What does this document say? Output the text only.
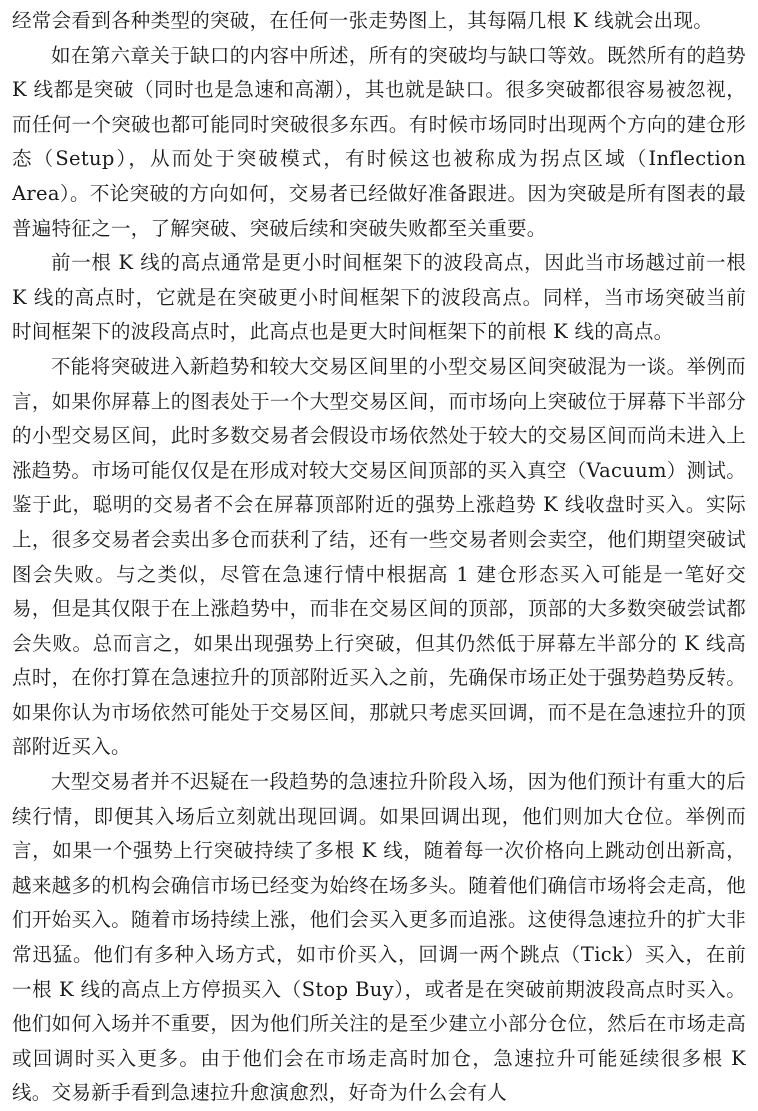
经常会看到各种类型的突破，在任何一张走势图上，其每隔几根 K 线就会出现。

如在第六章关于缺口的内容中所述，所有的突破均与缺口等效。既然所有的趋势 K 线都是突破（同时也是急速和高潮），其也就是缺口。很多突破都很容易被忽视，而任何一个突破也都可能同时突破很多东西。有时候市场同时出现两个方向的建仓形态（Setup），从而处于突破模式，有时候这也被称成为拐点区域（Inflection Area）。不论突破的方向如何，交易者已经做好准备跟进。因为突破是所有图表的最普遍特征之一，了解突破、突破后续和突破失败都至关重要。

前一根 K 线的高点通常是更小时间框架下的波段高点，因此当市场越过前一根 K 线的高点时，它就是在突破更小时间框架下的波段高点。同样，当市场突破当前时间框架下的波段高点时，此高点也是更大时间框架下的前根 K 线的高点。

不能将突破进入新趋势和较大交易区间里的小型交易区间突破混为一谈。举例而言，如果你屏幕上的图表处于一个大型交易区间，而市场向上突破位于屏幕下半部分的小型交易区间，此时多数交易者会假设市场依然处于较大的交易区间而尚未进入上涨趋势。市场可能仅仅是在形成对较大交易区间顶部的买入真空（Vacuum）测试。鉴于此，聪明的交易者不会在屏幕顶部附近的强势上涨趋势 K 线收盘时买入。实际上，很多交易者会卖出多仓而获利了结，还有一些交易者则会卖空，他们期望突破试图会失败。与之类似，尽管在急速行情中根据高 1 建仓形态买入可能是一笔好交易，但是其仅限于在上涨趋势中，而非在交易区间的顶部，顶部的大多数突破尝试都会失败。总而言之，如果出现强势上行突破，但其仍然低于屏幕左半部分的 K 线高点时，在你打算在急速拉升的顶部附近买入之前，先确保市场正处于强势趋势反转。如果你认为市场依然可能处于交易区间，那就只考虑买回调，而不是在急速拉升的顶部附近买入。

大型交易者并不迟疑在一段趋势的急速拉升阶段入场，因为他们预计有重大的后续行情，即便其入场后立刻就出现回调。如果回调出现，他们则加大仓位。举例而言，如果一个强势上行突破持续了多根 K 线，随着每一次价格向上跳动创出新高，越来越多的机构会确信市场已经变为始终在场多头。随着他们确信市场将会走高，他们开始买入。随着市场持续上涨，他们会买入更多而追涨。这使得急速拉升的扩大非常迅猛。他们有多种入场方式，如市价买入，回调一两个跳点（Tick）买入，在前一根 K 线的高点上方停损买入（Stop Buy），或者是在突破前期波段高点时买入。他们如何入场并不重要，因为他们所关注的是至少建立小部分仓位，然后在市场走高或回调时买入更多。由于他们会在市场走高时加仓，急速拉升可能延续很多根 K 线。交易新手看到急速拉升愈演愈烈，好奇为什么会有人
